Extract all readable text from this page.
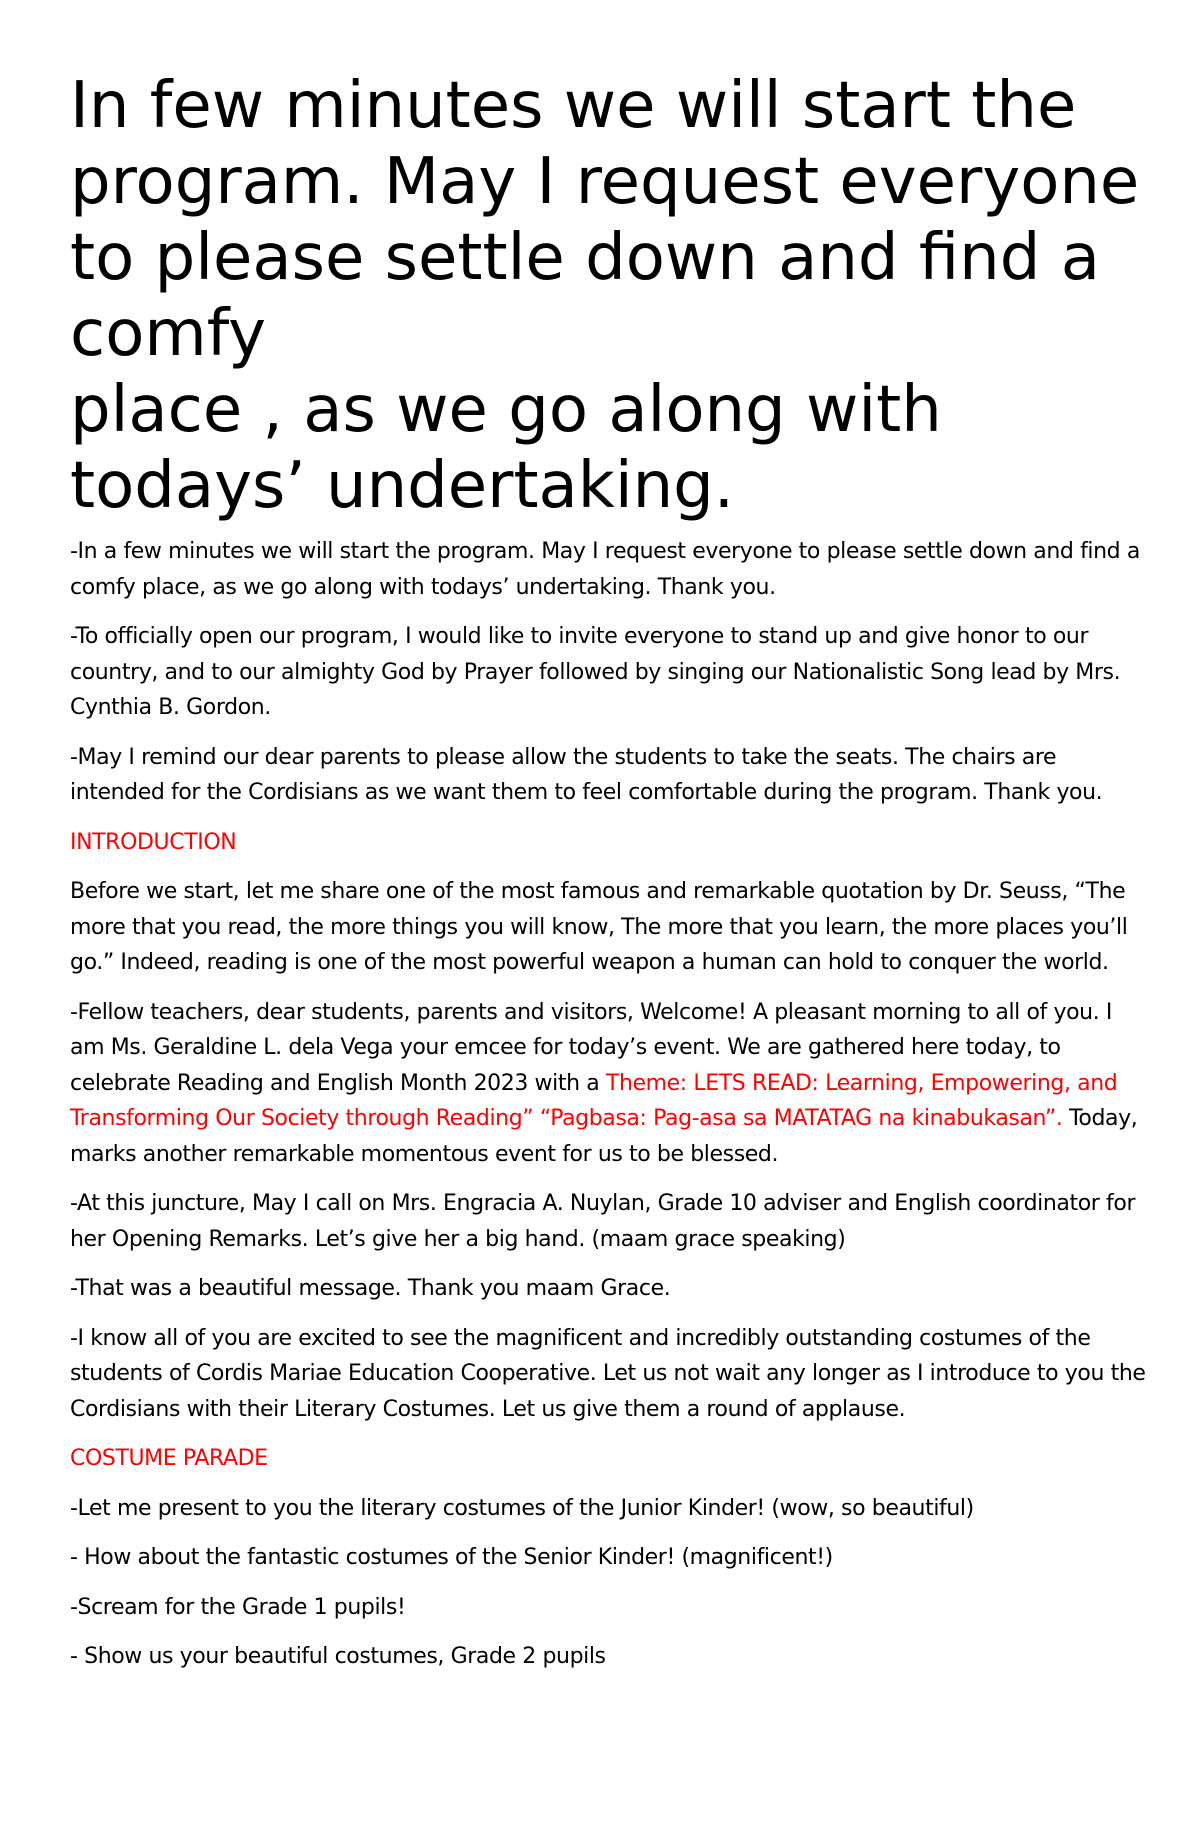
In few minutes we will start the program. May I request everyone to please settle down and find a comfy
place , as we go along with todays’ undertaking.

-In a few minutes we will start the program. May I request everyone to please settle down and find a comfy place, as we go along with todays’ undertaking. Thank you.

-To officially open our program, I would like to invite everyone to stand up and give honor to our country, and to our almighty God by Prayer followed by singing our Nationalistic Song lead by Mrs. Cynthia B. Gordon.

-May I remind our dear parents to please allow the students to take the seats. The chairs are intended for the Cordisians as we want them to feel comfortable during the program. Thank you.

INTRODUCTION

Before we start, let me share one of the most famous and remarkable quotation by Dr. Seuss, “The more that you read, the more things you will know, The more that you learn, the more places you’ll go.” Indeed, reading is one of the most powerful weapon a human can hold to conquer the world.

-Fellow teachers, dear students, parents and visitors, Welcome! A pleasant morning to all of you. I am Ms. Geraldine L. dela Vega your emcee for today’s event. We are gathered here today, to celebrate Reading and English Month 2023 with a Theme: LETS READ: Learning, Empowering, and Transforming Our Society through Reading” “Pagbasa: Pag-asa sa MATATAG na kinabukasan”. Today, marks another remarkable momentous event for us to be blessed.

-At this juncture, May I call on Mrs. Engracia A. Nuylan, Grade 10 adviser and English coordinator for her Opening Remarks. Let’s give her a big hand. (maam grace speaking)

-That was a beautiful message. Thank you maam Grace.

-I know all of you are excited to see the magnificent and incredibly outstanding costumes of the students of Cordis Mariae Education Cooperative. Let us not wait any longer as I introduce to you the Cordisians with their Literary Costumes. Let us give them a round of applause.

COSTUME PARADE

-Let me present to you the literary costumes of the Junior Kinder! (wow, so beautiful)

- How about the fantastic costumes of the Senior Kinder! (magnificent!)

-Scream for the Grade 1 pupils!

- Show us your beautiful costumes, Grade 2 pupils
